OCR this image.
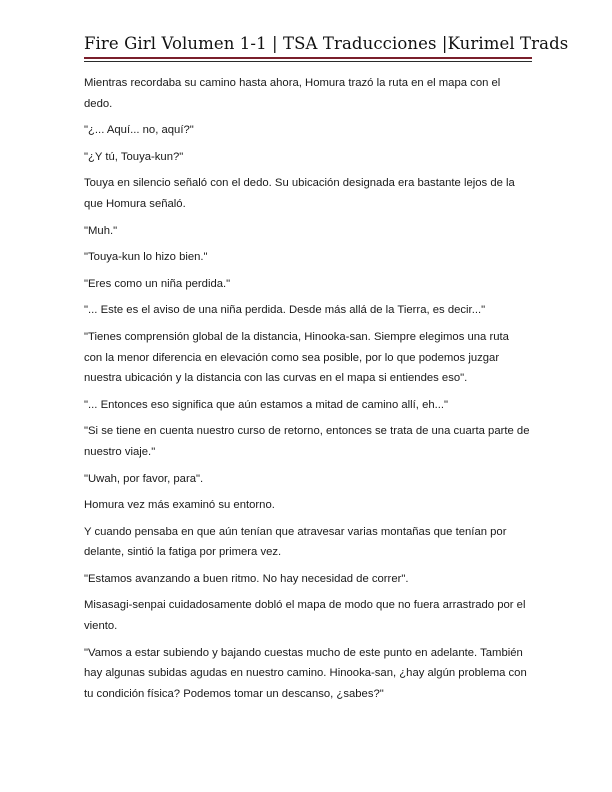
Fire Girl Volumen 1-1 | TSA Traducciones |Kurimel Trads

Mientras recordaba su camino hasta ahora, Homura trazó la ruta en el mapa con el dedo.

"¿... Aquí... no, aquí?"

"¿Y tú, Touya-kun?"

Touya en silencio señaló con el dedo. Su ubicación designada era bastante lejos de la que Homura señaló.

"Muh."

"Touya-kun lo hizo bien."

"Eres como un niña perdida."

"... Este es el aviso de una niña perdida. Desde más allá de la Tierra, es decir..."

"Tienes comprensión global de la distancia, Hinooka-san. Siempre elegimos una ruta con la menor diferencia en elevación como sea posible, por lo que podemos juzgar nuestra ubicación y la distancia con las curvas en el mapa si entiendes eso".

"... Entonces eso significa que aún estamos a mitad de camino allí, eh..."

"Si se tiene en cuenta nuestro curso de retorno, entonces se trata de una cuarta parte de nuestro viaje."

"Uwah, por favor, para".

Homura vez más examinó su entorno.

Y cuando pensaba en que aún tenían que atravesar varias montañas que tenían por delante, sintió la fatiga por primera vez.

"Estamos avanzando a buen ritmo. No hay necesidad de correr".

Misasagi-senpai cuidadosamente dobló el mapa de modo que no fuera arrastrado por el viento.

"Vamos a estar subiendo y bajando cuestas mucho de este punto en adelante. También hay algunas subidas agudas en nuestro camino. Hinooka-san, ¿hay algún problema con tu condición física? Podemos tomar un descanso, ¿sabes?"
